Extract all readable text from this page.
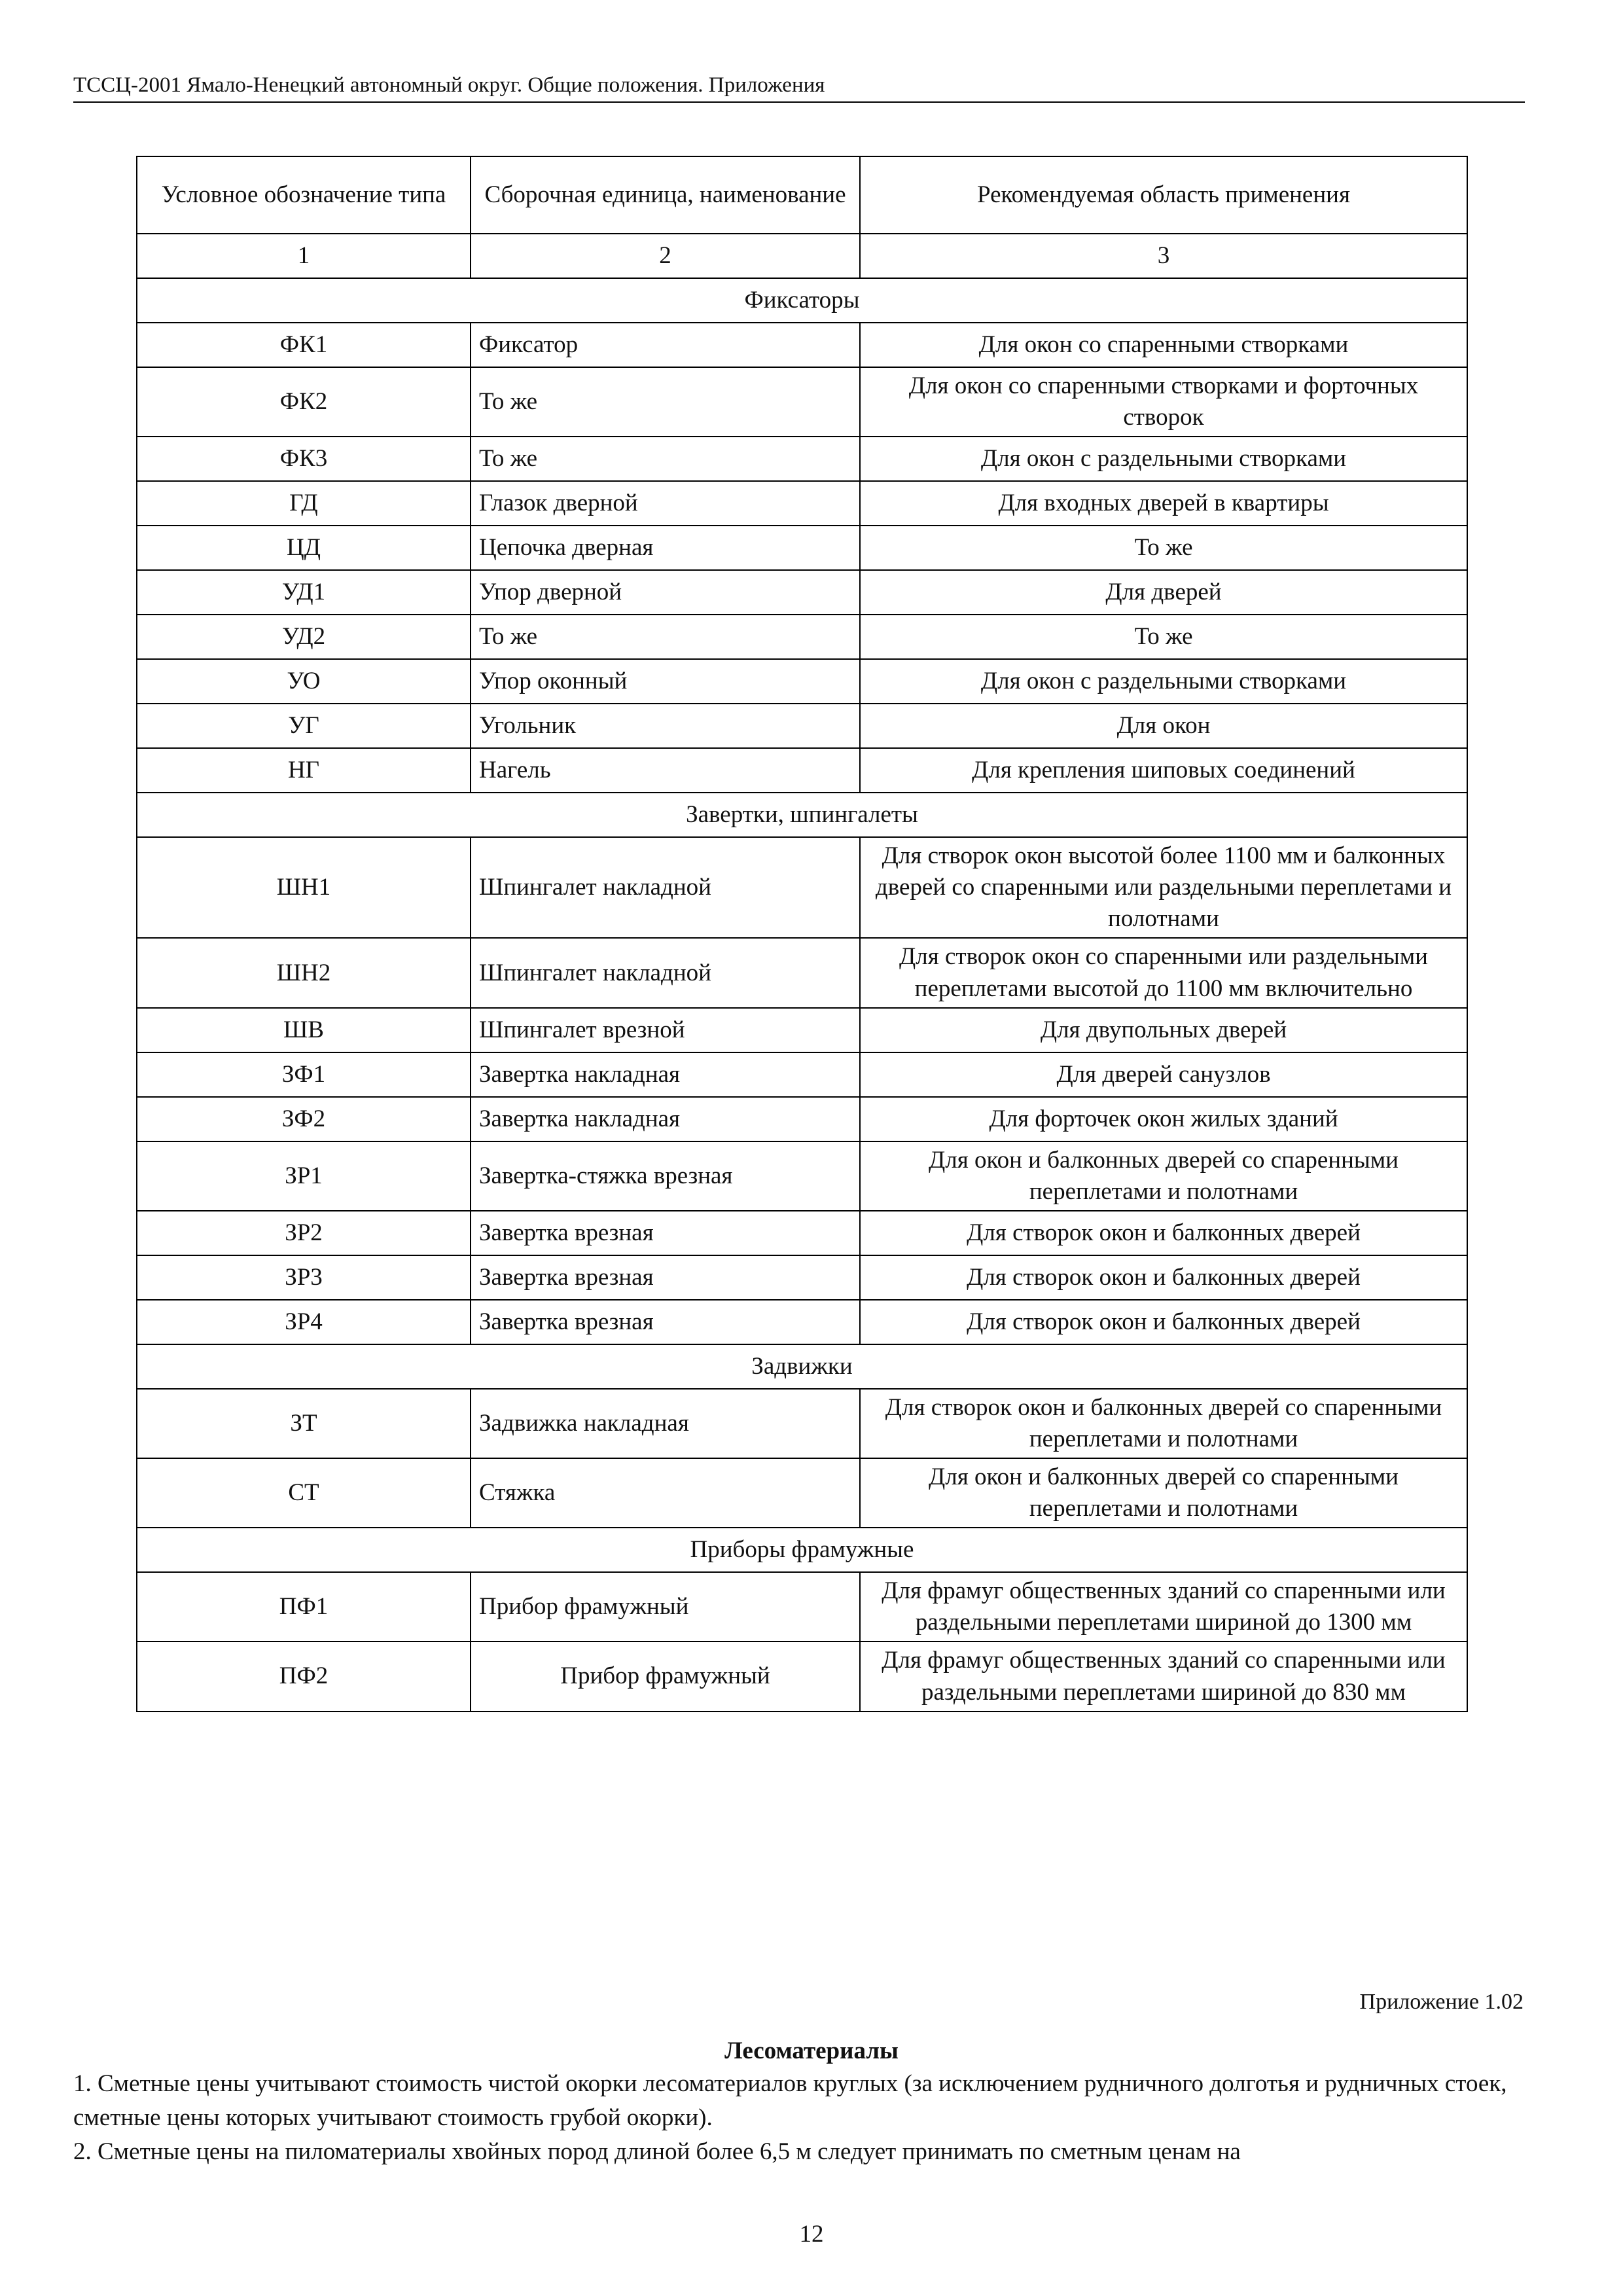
ТССЦ-2001 Ямало-Ненецкий автономный округ. Общие положения. Приложения
Условное обозначение типа	Сборочная единица, наименование	Рекомендуемая область применения
1	2	3
Фиксаторы		
ФК1	Фиксатор	Для окон со спаренными створками
ФК2	То же	Для окон со спаренными створками и форточных створок
ФК3	То же	Для окон с раздельными створками
ГД	Глазок дверной	Для входных дверей в квартиры
ЦД	Цепочка дверная	То же
УД1	Упор дверной	Для дверей
УД2	То же	То же
УО	Упор оконный	Для окон с раздельными створками
УГ	Угольник	Для окон
НГ	Нагель	Для крепления шиповых соединений
Завертки, шпингалеты		
ШН1	Шпингалет накладной	Для створок окон высотой более 1100 мм и балконных дверей со спаренными или раздельными переплетами и полотнами
ШН2	Шпингалет накладной	Для створок окон со спаренными или раздельными переплетами высотой до 1100 мм включительно
ШВ	Шпингалет врезной	Для двупольных дверей
ЗФ1	Завертка накладная	Для дверей санузлов
ЗФ2	Завертка накладная	Для форточек окон жилых зданий
ЗР1	Завертка-стяжка врезная	Для окон и балконных дверей со спаренными переплетами и полотнами
ЗР2	Завертка врезная	Для створок окон и балконных дверей
ЗР3	Завертка врезная	Для створок окон и балконных дверей
ЗР4	Завертка врезная	Для створок окон и балконных дверей
Задвижки		
ЗТ	Задвижка накладная	Для створок окон и балконных дверей со спаренными переплетами и полотнами
СТ	Стяжка	Для окон и балконных дверей со спаренными переплетами и полотнами
Приборы фрамужные		
ПФ1	Прибор фрамужный	Для фрамуг общественных зданий со спаренными или раздельными переплетами шириной до 1300 мм
ПФ2	Прибор фрамужный	Для фрамуг общественных зданий со спаренными или раздельными переплетами шириной до 830 мм
Приложение 1.02
Лесоматериалы
1. Сметные цены учитывают стоимость чистой окорки лесоматериалов круглых (за исключением рудничного долготья и рудничных стоек, сметные цены которых учитывают стоимость грубой окорки).
2. Сметные цены на пиломатериалы хвойных пород длиной более 6,5 м следует принимать по сметным ценам на
12
